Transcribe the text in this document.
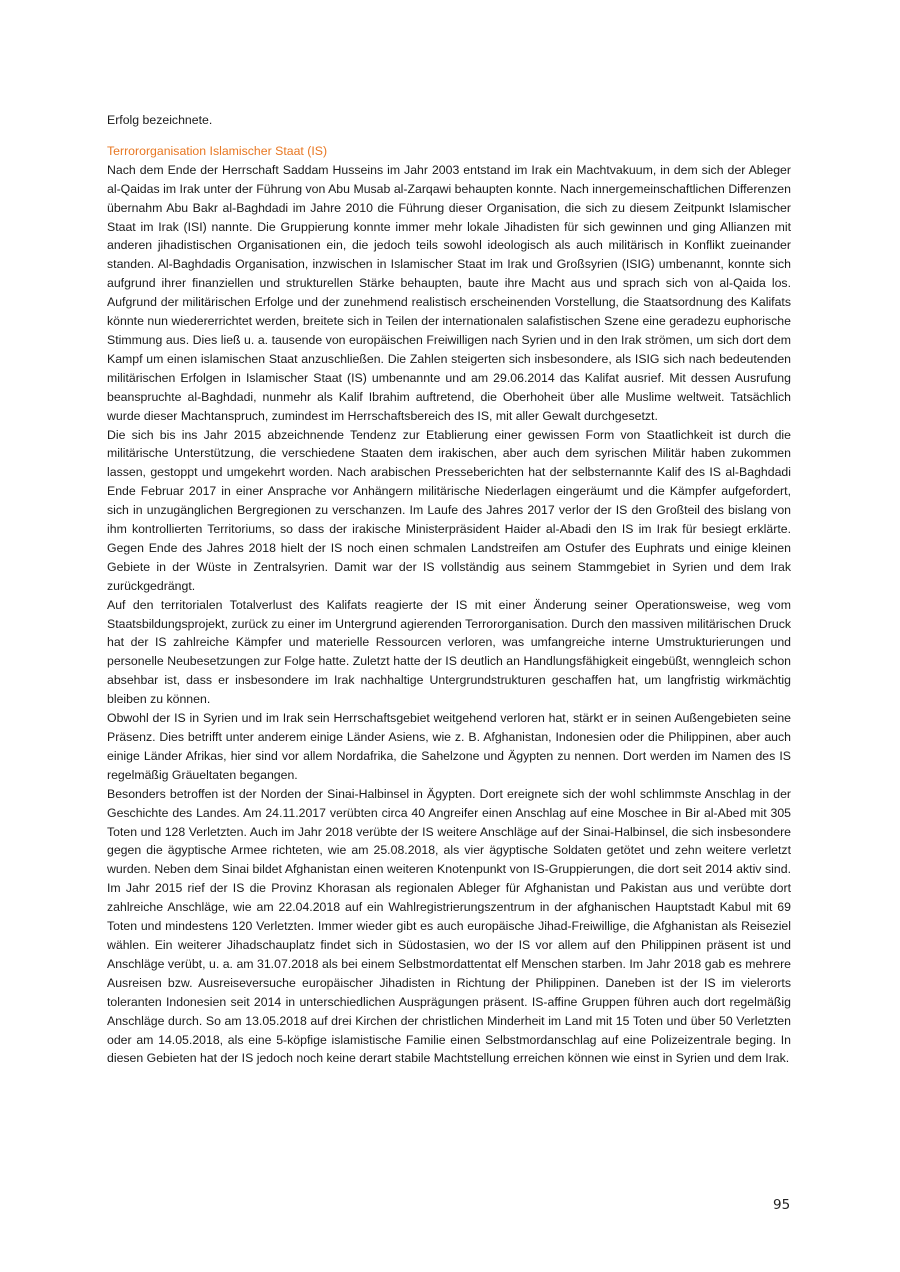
Erfolg bezeichnete.

Terrororganisation Islamischer Staat (IS)

Nach dem Ende der Herrschaft Saddam Husseins im Jahr 2003 entstand im Irak ein Machtvakuum, in dem sich der Ableger al-Qaidas im Irak unter der Führung von Abu Musab al-Zarqawi behaupten konnte. Nach innergemeinschaftlichen Differenzen übernahm Abu Bakr al-Baghdadi im Jahre 2010 die Führung dieser Organisation, die sich zu diesem Zeitpunkt Islamischer Staat im Irak (ISI) nannte. Die Gruppierung konnte immer mehr lokale Jihadisten für sich gewinnen und ging Allianzen mit anderen jihadistischen Organisationen ein, die jedoch teils sowohl ideologisch als auch militärisch in Konflikt zueinander standen. Al-Baghdadis Organisation, inzwischen in Islamischer Staat im Irak und Großsyrien (ISIG) umbenannt, konnte sich aufgrund ihrer finanziellen und strukturellen Stärke behaupten, baute ihre Macht aus und sprach sich von al-Qaida los. Aufgrund der militärischen Erfolge und der zunehmend realistisch erscheinenden Vorstellung, die Staatsordnung des Kalifats könnte nun wiedererrichtet werden, breitete sich in Teilen der internationalen salafistischen Szene eine geradezu euphorische Stimmung aus. Dies ließ u. a. tausende von europäischen Freiwilligen nach Syrien und in den Irak strömen, um sich dort dem Kampf um einen islamischen Staat anzuschließen. Die Zahlen steigerten sich insbesondere, als ISIG sich nach bedeutenden militärischen Erfolgen in Islamischer Staat (IS) umbenannte und am 29.06.2014 das Kalifat ausrief. Mit dessen Ausrufung beanspruchte al-Baghdadi, nunmehr als Kalif Ibrahim auftretend, die Oberhoheit über alle Muslime weltweit. Tatsächlich wurde dieser Machtanspruch, zumindest im Herrschaftsbereich des IS, mit aller Gewalt durchgesetzt.

Die sich bis ins Jahr 2015 abzeichnende Tendenz zur Etablierung einer gewissen Form von Staatlichkeit ist durch die militärische Unterstützung, die verschiedene Staaten dem irakischen, aber auch dem syrischen Militär haben zukommen lassen, gestoppt und umgekehrt worden. Nach arabischen Presseberichten hat der selbsternannte Kalif des IS al-Baghdadi Ende Februar 2017 in einer Ansprache vor Anhängern militärische Niederlagen eingeräumt und die Kämpfer aufgefordert, sich in unzugänglichen Bergregionen zu verschanzen. Im Laufe des Jahres 2017 verlor der IS den Großteil des bislang von ihm kontrollierten Territoriums, so dass der irakische Ministerpräsident Haider al-Abadi den IS im Irak für besiegt erklärte. Gegen Ende des Jahres 2018 hielt der IS noch einen schmalen Landstreifen am Ostufer des Euphrats und einige kleinen Gebiete in der Wüste in Zentralsyrien. Damit war der IS vollständig aus seinem Stammgebiet in Syrien und dem Irak zurückgedrängt.

Auf den territorialen Totalverlust des Kalifats reagierte der IS mit einer Änderung seiner Operationsweise, weg vom Staatsbildungsprojekt, zurück zu einer im Untergrund agierenden Terrororganisation. Durch den massiven militärischen Druck hat der IS zahlreiche Kämpfer und materielle Ressourcen verloren, was umfangreiche interne Umstrukturierungen und personelle Neubesetzungen zur Folge hatte. Zuletzt hatte der IS deutlich an Handlungsfähigkeit eingebüßt, wenngleich schon absehbar ist, dass er insbesondere im Irak nachhaltige Untergrundstrukturen geschaffen hat, um langfristig wirkmächtig bleiben zu können.

Obwohl der IS in Syrien und im Irak sein Herrschaftsgebiet weitgehend verloren hat, stärkt er in seinen Außengebieten seine Präsenz. Dies betrifft unter anderem einige Länder Asiens, wie z. B. Afghanistan, Indonesien oder die Philippinen, aber auch einige Länder Afrikas, hier sind vor allem Nordafrika, die Sahelzone und Ägypten zu nennen. Dort werden im Namen des IS regelmäßig Gräueltaten begangen.

Besonders betroffen ist der Norden der Sinai-Halbinsel in Ägypten. Dort ereignete sich der wohl schlimmste Anschlag in der Geschichte des Landes. Am 24.11.2017 verübten circa 40 Angreifer einen Anschlag auf eine Moschee in Bir al-Abed mit 305 Toten und 128 Verletzten. Auch im Jahr 2018 verübte der IS weitere Anschläge auf der Sinai-Halbinsel, die sich insbesondere gegen die ägyptische Armee richteten, wie am 25.08.2018, als vier ägyptische Soldaten getötet und zehn weitere verletzt wurden. Neben dem Sinai bildet Afghanistan einen weiteren Knotenpunkt von IS-Gruppierungen, die dort seit 2014 aktiv sind. Im Jahr 2015 rief der IS die Provinz Khorasan als regionalen Ableger für Afghanistan und Pakistan aus und verübte dort zahlreiche Anschläge, wie am 22.04.2018 auf ein Wahlregistrierungszentrum in der afghanischen Hauptstadt Kabul mit 69 Toten und mindestens 120 Verletzten. Immer wieder gibt es auch europäische Jihad-Freiwillige, die Afghanistan als Reiseziel wählen. Ein weiterer Jihadschauplatz findet sich in Südostasien, wo der IS vor allem auf den Philippinen präsent ist und Anschläge verübt, u. a. am 31.07.2018 als bei einem Selbstmordattentat elf Menschen starben. Im Jahr 2018 gab es mehrere Ausreisen bzw. Ausreiseversuche europäischer Jihadisten in Richtung der Philippinen. Daneben ist der IS im vielerorts toleranten Indonesien seit 2014 in unterschiedlichen Ausprägungen präsent. IS-affine Gruppen führen auch dort regelmäßig Anschläge durch. So am 13.05.2018 auf drei Kirchen der christlichen Minderheit im Land mit 15 Toten und über 50 Verletzten oder am 14.05.2018, als eine 5-köpfige islamistische Familie einen Selbstmordanschlag auf eine Polizeizentrale beging. In diesen Gebieten hat der IS jedoch noch keine derart stabile Machtstellung erreichen können wie einst in Syrien und dem Irak.

95
